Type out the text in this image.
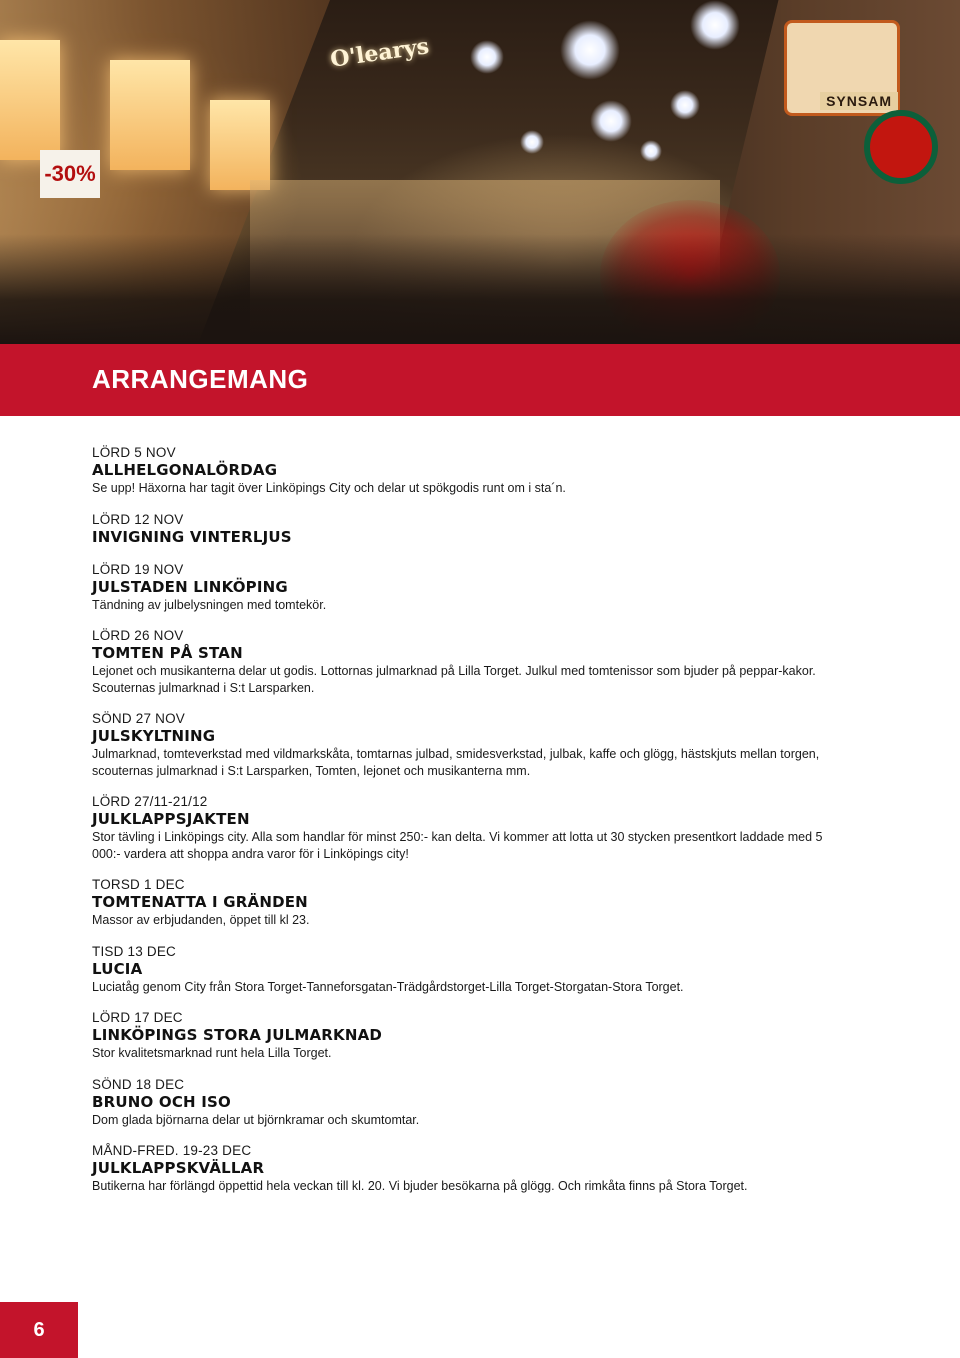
O'learys
SYNSAM
-30%
ARRANGEMANG
LÖRD 5 NOV
ALLHELGONALÖRDAG
Se upp! Häxorna har tagit över Linköpings City och delar ut spökgodis runt om i sta´n.
LÖRD 12 NOV
INVIGNING VINTERLJUS
LÖRD 19 NOV
JULSTADEN LINKÖPING
Tändning av julbelysningen med tomtekör.
LÖRD 26 NOV
TOMTEN PÅ STAN
Lejonet och musikanterna delar ut godis. Lottornas julmarknad på Lilla Torget. Julkul med tomtenissor som bjuder på peppar-kakor. Scouternas julmarknad i S:t Larsparken.
SÖND 27 NOV
JULSKYLTNING
Julmarknad, tomteverkstad med vildmarkskåta, tomtarnas julbad, smidesverkstad, julbak, kaffe och glögg, hästskjuts mellan torgen, scouternas julmarknad i S:t Larsparken, Tomten, lejonet och musikanterna mm.
LÖRD 27/11-21/12
JULKLAPPSJAKTEN
Stor tävling i Linköpings city. Alla som handlar för minst 250:- kan delta. Vi kommer att lotta ut 30 stycken presentkort laddade med 5 000:- vardera att shoppa andra varor för i Linköpings city!
TORSD 1 DEC
TOMTENATTA I GRÄNDEN
Massor av erbjudanden, öppet till kl 23.
TISD 13 DEC
LUCIA
Luciatåg genom City från Stora Torget-Tanneforsgatan-Trädgårdstorget-Lilla Torget-Storgatan-Stora Torget.
LÖRD 17 DEC
LINKÖPINGS STORA JULMARKNAD
Stor kvalitetsmarknad runt hela Lilla Torget.
SÖND 18 DEC
BRUNO OCH ISO
Dom glada björnarna delar ut björnkramar och skumtomtar.
MÅND-FRED. 19-23 DEC
JULKLAPPSKVÄLLAR
Butikerna har förlängd öppettid hela veckan till kl. 20. Vi bjuder besökarna på glögg. Och rimkåta finns på Stora Torget.
6
